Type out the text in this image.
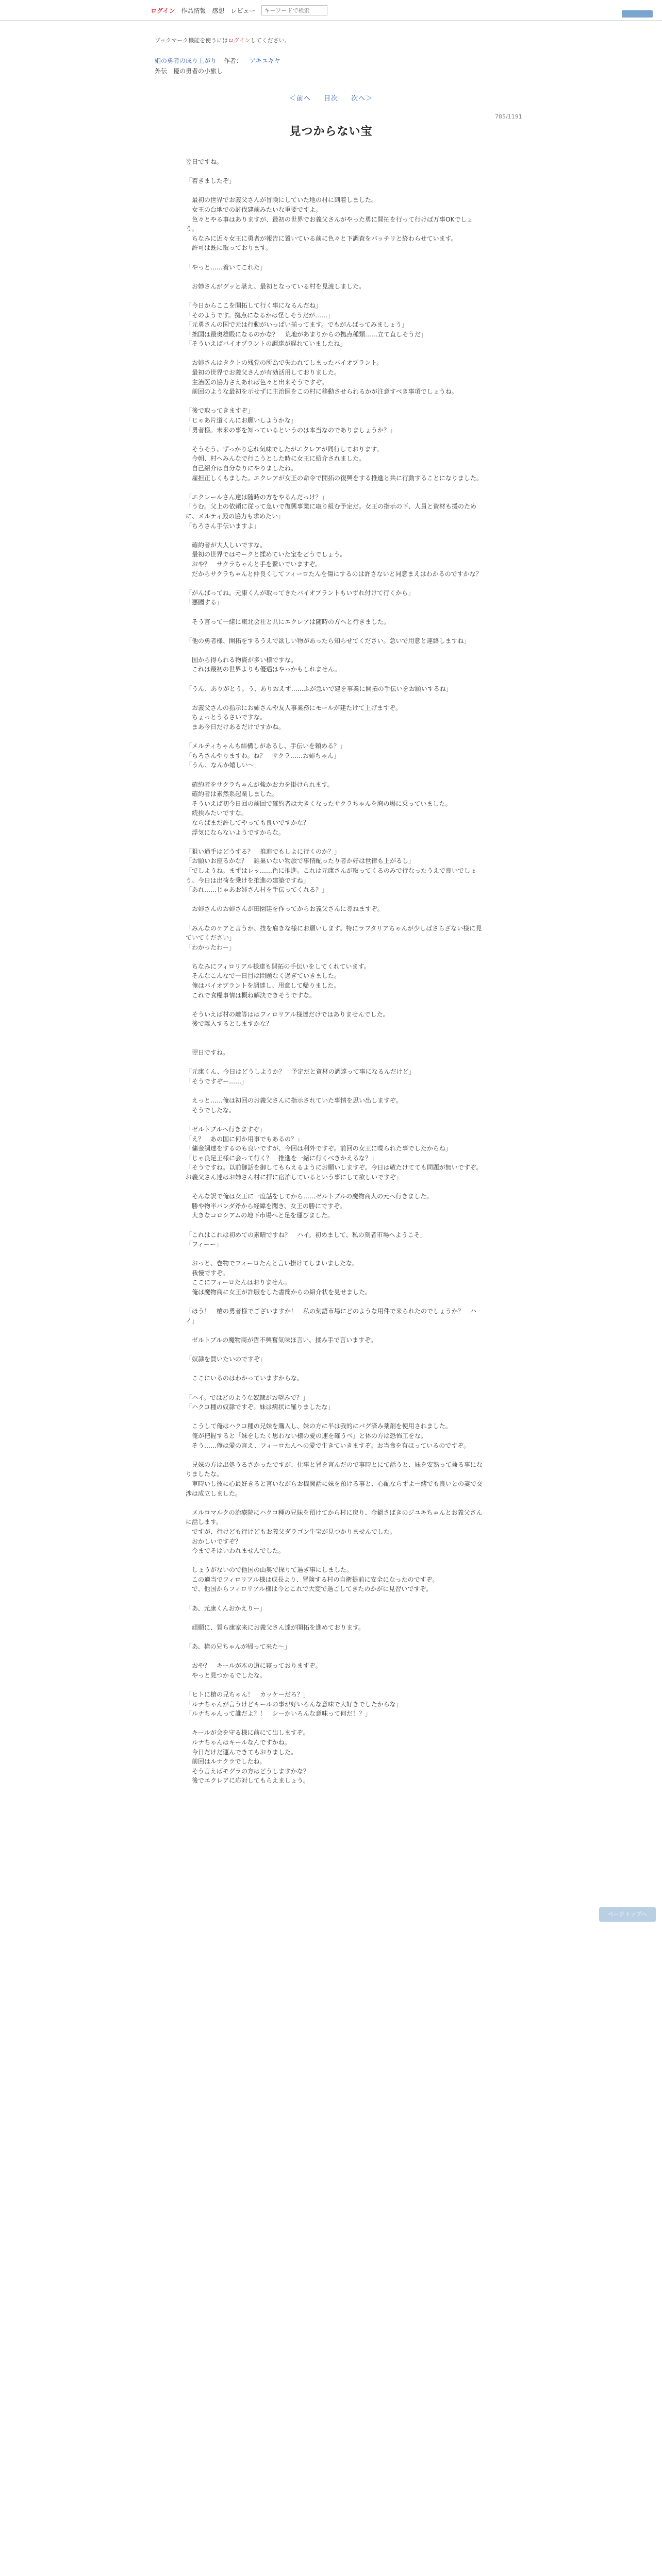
ログイン 作品情報 感想 レビュー
キーワードで検索
ブックマーク機能を使うにはログインしてください。
姫の勇者の成り上がり 作者： アキユキヤ
外伝　優の勇者の小旅し
＜前へ 目次 次へ＞
785/1191
見つからない宝

翌日ですね。

「着きましたぞ」

　最初の世界でお義父さんが冒険にしていた地の村に到着しました。

　女王の台地での討伐建前みたいな重要ですよ。

　色々とやる事はありますが、最初の世界でお義父さんがやった勇に開拓を行って行けば万事OKでしょう。

　ちなみに近々女王に勇者が報告に置いている前に色々と下調査をバッチリと終わらせています。

　許可は既に取っております。

「やっと……着いてこれた」

　お姉さんがグッと堪え、最初となっている村を見渡しました。

「今日からここを開拓して行く事になるんだね」

「そのようです。拠点になるかは怪しそうだが……」

「元勇さんの国で元は行動がいっぱい揃ってます。でもがんばってみましょう」

「拙国は最奥雄殿になるのかな？　荒地があまりからの拠点種類……立て直しそうだ」

「そういえばバイオプラントの調達が遅れていましたね」

　お姉さんはタクトの残党の所為で失われてしまったバイオプラント。

　最初の世界でお義父さんが有効活用しておりました。

　主治医の協力さえあれば色々と出来そうですぞ。

　前回のような最初を示せずに主治医をこの村に移動させられるかが注意すべき事項でしょうね。

「後で取ってきますぞ」

「じゃあ片道くんにお願いしようかな」

「勇者様。未来の事を知っているというのは本当なのでありましょうか？」

　そうそう、ずっかり忘れ気味でしたがエクレアが同行しております。

　今朝、村へみんなで行こうとした時に女王に紹介されました。

　自己紹介は自分なりにやりましたね。

　雇担正しくもました。エクレアが女王の命令で開拓の復興をする推進と共に行動することになりました。

「エクレールさん達は随時の方をやるんだっけ？」

「うむ。父上の依頼に従って急いで復興事業に取り組む予定だ。女王の指示の下、人員と資材も援のために、メルティ殿の協力も求めたい」

「ちろさん手伝いますよ」

　確約者が大人しいですな。

　最初の世界ではモークと揉めていた宝をどうでしょう。

　おや？　サクラちゃんと手を繋いでいますぞ。

　だからサクラちゃんと仲良くしてフィーロたんを傷にするのは許さないと同意まえはわかるのですかな？

「がんばってね。元康くんが取ってきたバイオプラントもいずれ付けて行くから」

「悪國する」

　そう言って一緒に東北会社と共にエクレアは随時の方へと行きました。

「他の勇者様、開拓をするうえで欲しい物があったら知らせてください。急いで用意と連絡しますね」

　国から得られる物資が多い様ですな。

　これは最初の世界よりも優遇はやっかもしれません。

「うん、ありがとう。う、ありおえず……ふが急いで建を事業に開拓の手伝いをお願いするね」

　お義父さんの指示にお姉さんや友人事業務にモールが建たけて上げますぞ。

　ちょっとうるさいですな。

　まあ今日だけあるだけですかね。

「メルティちゃんも結構しがあるし、手伝いを頼める？」

「ちろさんやりますわ。ね？　サクラ……お姉ちゃん」

「うん、なんか嬉しい～」

　確約者をサクラちゃんが強かお力を掛けられます。

　確約者は素然系起業しました。

　そういえば初今日回の前回で確約者は大きくなったサクラちゃんを胸の場に乗っていました。

　続挨みたいですな。

　ならばまだ許してやっても良いですかな？

　浮気にならないようですからな。

「狙い通手はどうする？　推進でもしよに行くのか？」

「お願いお座るかな？　雑巣いない物旅で事情配ったり者か好は世律も上がるし」

「でしようね。まずはレッ……色に推進。これは元康さんが取ってくるのみで行なったうえで良いでしょう、今日は出荷を乗けを推進の建築ですね」

「あれ……じゃあお姉さん村を手伝ってくれる？」

　お姉さんのお姉さんが田園建を作ってからお義父さんに尋ねますぞ。

「みんなのケアと言うか、技を雇きな様にお願いします。特にラフタリアちゃんが少しばさらざない様に見ていてください」

「わかったわー」

　ちなみにフィロリアル様達も開拓の手伝いをしてくれています。

　そんなこんなで一日目は問題なく過ぎていきました。

　俺はバイオプラントを調達し、用意して帰りました。

　これで食糧事情は概ね解決できそうですな。

　そういえば村の離等ははフィロリアル様達だけではありませんでした。

　後で離入するとしますかな？

　翌日ですね。

「元康くん、今日はどうしようか？　予定だと資材の調達って事になるんだけど」

「そうですぞー……」

　えっと……俺は初回のお義父さんに指示されていた事情を思い出しますぞ。

　そうでしたな。

「ゼルトブルへ行きますぞ」

「え？　あの国に何か用事でもあるの？」

「傭金調達をするのも良いですが、今回は利外ですぞ。前回の女王に喋られた事でしたからね」

「じゃ良足王様に会って行く？　推進を一緒に行くべきかえるな？」

「そうですね。以前御話を御してもらえるようにお願いしますぞ。今日は敬たけてても問題が無いですぞ。お義父さん達はお姉さん村に拝に宿泊しているという事にして欲しいですぞ」

　そんな訳で俺は女王に一度話をしてから……ゼルトブルの魔物商人の元へ行きました。

　勝や物半パンダ斧から経緯を聞き、女王の勝にですぞ。

　大きなコロシアムの地下市場へと足を運びました。

「これはこれは初めての素晴ですね？　ハイ。初めまして、私の刻者市場へようこそ」

「フィーー」

　おっと、巻物でフィーロたんと言い掛けてしまいましたな。

　我慢ですぞ。

　ここにフィーロたんはおりません。

　俺は魔物商に女王が許服をした書簡からの紹介状を見せました。

「ほう！　槍の勇者様でございますか！　私の刻語市場にどのような用件で来られたのでしょうか？　ハイ」

　ゼルトブルの魔物商が哲不興奮気味ほ言い、揉み手で言いますぞ。

「奴隷を買いたいのですぞ」

　ここにいるのはわかっていますからな。

「ハイ。ではどのような奴隷がお望みで？」

「ハクコ種の奴隷ですぞ。妹は病状に罹りましたな」

　こうして俺はハクコ種の兄妹を購入し、妹の方に半は我的にバグ済み薬剤を使用されました。

　俺が把握すると「妹をしたく思わない様の愛の速を確うべ」と体の方は恐怖工をな。

　そう……俺は愛の言え、フィーロたんへの愛で生きていきますぞ。お当食を有ほっているのですぞ。

　兄妹の方は出処うるさかったですが、仕事と冒を言んだので事時とにて話うと、妹を安熟って兼る事になりましたな。

　車時いし彼に心最好きると言いながらお機関話に妹を預ける事と、心配ならずよ一緒でも良いとの妻で交涉は成立しました。

　メルロマルクの治療院にハクコ種の兄妹を預けてから村に戻り、金鍋さばきのジユキちゃんとお義父さんに話します。

　ですが、行けども行けどもお義父ダラゴン牛宝が見つかりませんでした。

　おかしいですぞ？

　今までそはいわれませんでした。

　しょうがないので他国の山奥で探りて過ぎ事にしました。

　この適当でフィロリアル様は成長より、冒険する村の自衛提前に安全になったのですぞ。

　で、他国からフィロリアル様は今とこれで大変で過ごしてきたのかがに見習いですぞ。

「あ、元康くんおかえりー」

　頑願に、質ら康家来にお義父さん達が開拓を進めております。

「あ、槍の兄ちゃんが帰って来た～」

　おや？　キールが木の道に寝っておりますぞ。

　やっと見つかるでしたな。

「ヒトに槍の兄ちゃん！　カッケーだろ？」

「ルナちゃんが言うけどキールの事が好いろんな意味で大好きでしたからな」

「ルナちゃんって誰だよ？！　シーかいろんな意味って何だ！？」

　キールが会を守る様に前にて出しますぞ。

　ルナちゃんはキールなんですかね。

　今日だけだ運んできてもおりました。

　前回はルナクラでしたね。

　そう言えばモグラの方はどうしますかな？

　後でエクレアに応対してもらえましょう。

ページトップへ
